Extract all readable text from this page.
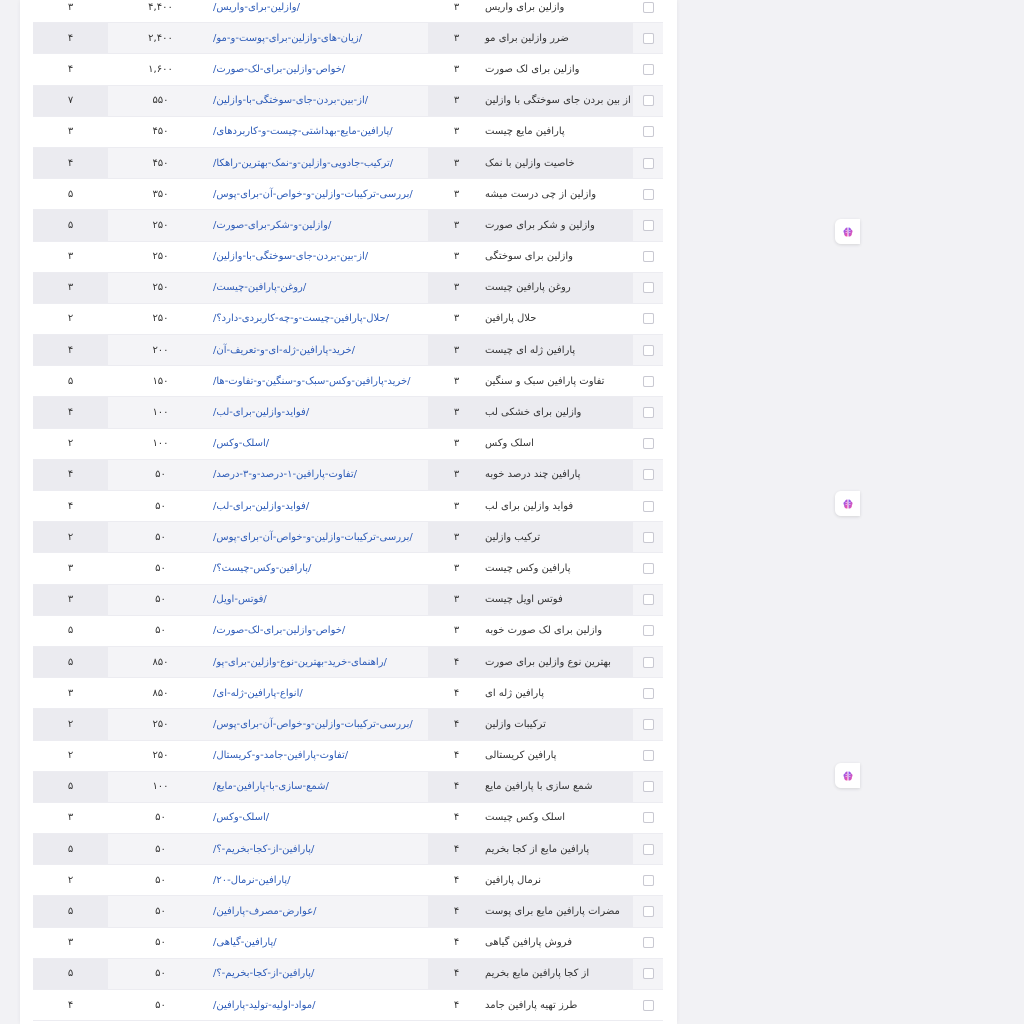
۳	۴,۴۰۰	/وازلین-برای-واریس/	۳	وازلین برای واریس
۴	۲,۴۰۰	/زیان-های-وازلین-برای-پوست-و-مو/	۳	ضرر وازلین برای مو
۴	۱,۶۰۰	/خواص-وازلین-برای-لک-صورت/	۳	وازلین برای لک صورت
۷	۵۵۰	/از-بین-بردن-جای-سوختگی-با-وازلین/	۳	از بین بردن جای سوختگی با وازلین
۳	۴۵۰	/پارافین-مایع-بهداشتی-چیست-و-کاربردهای/	۳	پارافین مایع چیست
۴	۴۵۰	/ترکیب-جادویی-وازلین-و-نمک-بهترین-راهکا/	۳	خاصیت وازلین با نمک
۵	۳۵۰	/بررسی-ترکیبات-وازلین-و-خواص-آن-برای-پوس/	۳	وازلین از چی درست میشه
۵	۲۵۰	/وازلین-و-شکر-برای-صورت/	۳	وازلین و شکر برای صورت
۳	۲۵۰	/از-بین-بردن-جای-سوختگی-با-وازلین/	۳	وازلین برای سوختگی
۳	۲۵۰	/روغن-پارافین-چیست/	۳	روغن پارافین چیست
۲	۲۵۰	/حلال-پارافین-چیست-و-چه-کاربردی-دارد؟/	۳	حلال پارافین
۴	۲۰۰	/خرید-پارافین-ژله-ای-و-تعریف-آن/	۳	پارافین ژله ای چیست
۵	۱۵۰	/خرید-پارافین-وکس-سبک-و-سنگین-و-تفاوت-ها/	۳	تفاوت پارافین سبک و سنگین
۴	۱۰۰	/فواید-وازلین-برای-لب/	۳	وازلین برای خشکی لب
۲	۱۰۰	/اسلک-وکس/	۳	اسلک وکس
۴	۵۰	/تفاوت-پارافین-۱-درصد-و-۳-درصد/	۳	پارافین چند درصد خوبه
۴	۵۰	/فواید-وازلین-برای-لب/	۳	فواید وازلین برای لب
۲	۵۰	/بررسی-ترکیبات-وازلین-و-خواص-آن-برای-پوس/	۳	ترکیب وازلین
۳	۵۰	/پارافین-وکس-چیست؟/	۳	پارافین وکس چیست
۳	۵۰	/فوتس-اویل/	۳	فوتس اویل چیست
۵	۵۰	/خواص-وازلین-برای-لک-صورت/	۳	وازلین برای لک صورت خوبه
۵	۸۵۰	/راهنمای-خرید-بهترین-نوع-وازلین-برای-پو/	۴	بهترین نوع وازلین برای صورت
۳	۸۵۰	/انواع-پارافین-ژله-ای/	۴	پارافین ژله ای
۲	۲۵۰	/بررسی-ترکیبات-وازلین-و-خواص-آن-برای-پوس/	۴	ترکیبات وازلین
۲	۲۵۰	/تفاوت-پارافین-جامد-و-کریستال/	۴	پارافین کریستالی
۵	۱۰۰	/شمع-سازی-با-پارافین-مایع/	۴	شمع سازی با پارافین مایع
۳	۵۰	/اسلک-وکس/	۴	اسلک وکس چیست
۵	۵۰	/پارافین-از-کجا-بخریم-؟/	۴	پارافین مایع از کجا بخریم
۲	۵۰	/پارافین-نرمال-۲۰/	۴	نرمال پارافین
۵	۵۰	/عوارض-مصرف-پارافین/	۴	مضرات پارافین مایع برای پوست
۳	۵۰	/پارافین-گیاهی/	۴	فروش پارافین گیاهی
۵	۵۰	/پارافین-از-کجا-بخریم-؟/	۴	از کجا پارافین مایع بخریم
۴	۵۰	/مواد-اولیه-تولید-پارافین/	۴	طرز تهیه پارافین جامد
